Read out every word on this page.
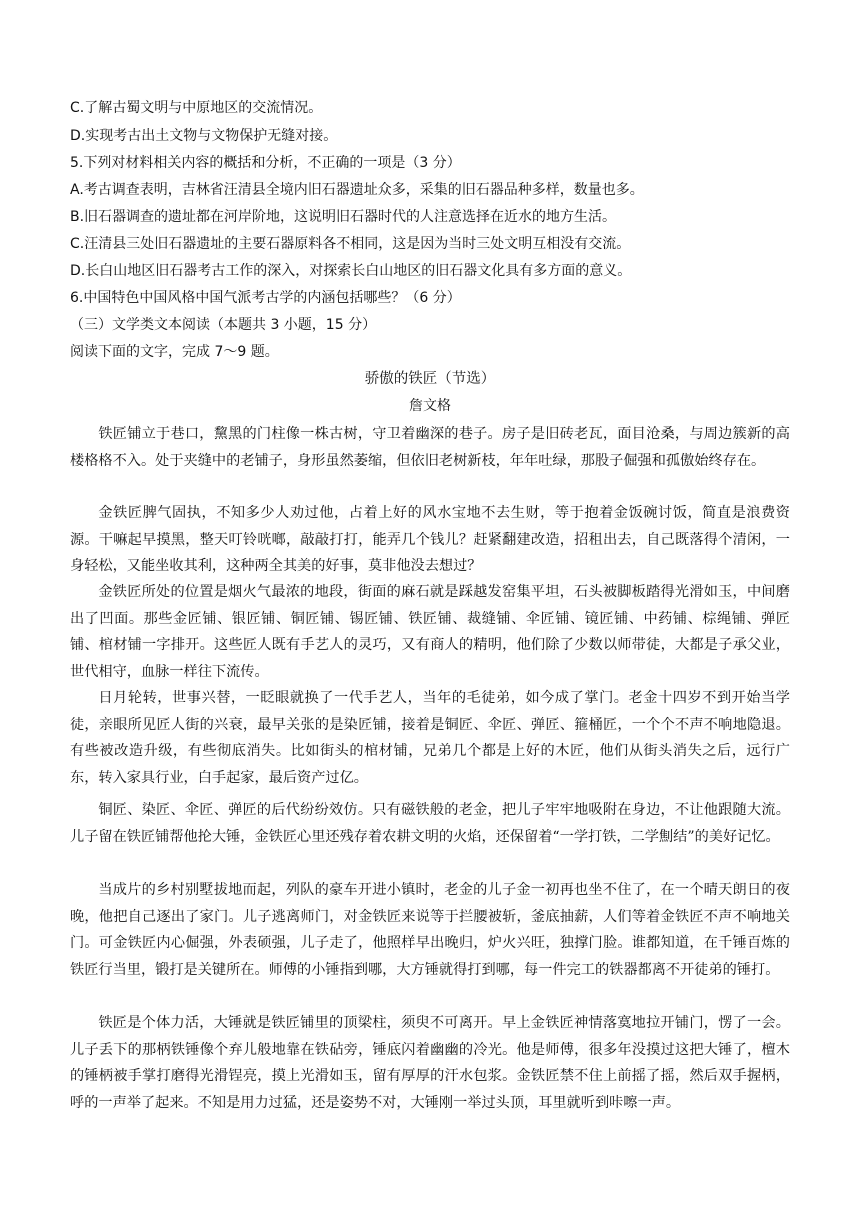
C.了解古蜀文明与中原地区的交流情况。
D.实现考古出土文物与文物保护无缝对接。
5.下列对材料相关内容的概括和分析，不正确的一项是（3 分）
A.考古调查表明，吉林省汪清县全境内旧石器遗址众多，采集的旧石器品种多样，数量也多。
B.旧石器调查的遗址都在河岸阶地，这说明旧石器时代的人注意选择在近水的地方生活。
C.汪清县三处旧石器遗址的主要石器原料各不相同，这是因为当时三处文明互相没有交流。
D.长白山地区旧石器考古工作的深入，对探索长白山地区的旧石器文化具有多方面的意义。
6.中国特色中国风格中国气派考古学的内涵包括哪些？（6 分）
（三）文学类文本阅读（本题共 3 小题，15 分）
阅读下面的文字，完成 7～9 题。
骄傲的铁匠（节选）
詹文格
铁匠铺立于巷口，黧黑的门柱像一株古树，守卫着幽深的巷子。房子是旧砖老瓦，面目沧桑，与周边簇新的高楼格格不入。处于夹缝中的老铺子，身形虽然萎缩，但依旧老树新枝，年年吐绿，那股子倔强和孤傲始终存在。
金铁匠脾气固执，不知多少人劝过他，占着上好的风水宝地不去生财，等于抱着金饭碗讨饭，简直是浪费资源。干嘛起早摸黑，整天叮铃咣啷，敲敲打打，能弄几个钱儿？赶紧翻建改造，招租出去，自己既落得个清闲，一身轻松，又能坐收其利，这种两全其美的好事，莫非他没去想过？
金铁匠所处的位置是烟火气最浓的地段，街面的麻石就是踩越发窑集平坦，石头被脚板踏得光滑如玉，中间磨出了凹面。那些金匠铺、银匠铺、铜匠铺、锡匠铺、铁匠铺、裁缝铺、伞匠铺、镜匠铺、中药铺、棕绳铺、弹匠铺、棺材铺一字排开。这些匠人既有手艺人的灵巧，又有商人的精明，他们除了少数以师带徒，大都是子承父业，世代相守，血脉一样往下流传。
日月轮转，世事兴替，一眨眼就换了一代手艺人，当年的毛徒弟，如今成了掌门。老金十四岁不到开始当学徒，亲眼所见匠人街的兴衰，最早关张的是染匠铺，接着是铜匠、伞匠、弹匠、箍桶匠，一个个不声不响地隐退。有些被改造升级，有些彻底消失。比如街头的棺材铺，兄弟几个都是上好的木匠，他们从街头消失之后，远行广东，转入家具行业，白手起家，最后资产过亿。
铜匠、染匠、伞匠、弹匠的后代纷纷效仿。只有磁铁般的老金，把儿子牢牢地吸附在身边，不让他跟随大流。儿子留在铁匠铺帮他抡大锤，金铁匠心里还残存着农耕文明的火焰，还保留着“一学打铁，二学劁结”的美好记忆。
当成片的乡村别墅拔地而起，列队的豪车开进小镇时，老金的儿子金一初再也坐不住了，在一个晴天朗日的夜晚，他把自己逐出了家门。儿子逃离师门，对金铁匠来说等于拦腰被斩，釜底抽薪，人们等着金铁匠不声不响地关门。可金铁匠内心倔强，外表硕强，儿子走了，他照样早出晚归，炉火兴旺，独撑门脸。谁都知道，在千锤百炼的铁匠行当里，锻打是关键所在。师傅的小锤指到哪，大方锤就得打到哪，每一件完工的铁器都离不开徒弟的锤打。
铁匠是个体力活，大锤就是铁匠铺里的顶梁柱，须臾不可离开。早上金铁匠神情落寞地拉开铺门，愣了一会。儿子丢下的那柄铁锤像个弃儿般地靠在铁砧旁，锤底闪着幽幽的冷光。他是师傅，很多年没摸过这把大锤了，檀木的锤柄被手掌打磨得光滑锃亮，摸上光滑如玉，留有厚厚的汗水包浆。金铁匠禁不住上前摇了摇，然后双手握柄，呼的一声举了起来。不知是用力过猛，还是姿势不对，大锤刚一举过头顶，耳里就听到咔嚓一声。
